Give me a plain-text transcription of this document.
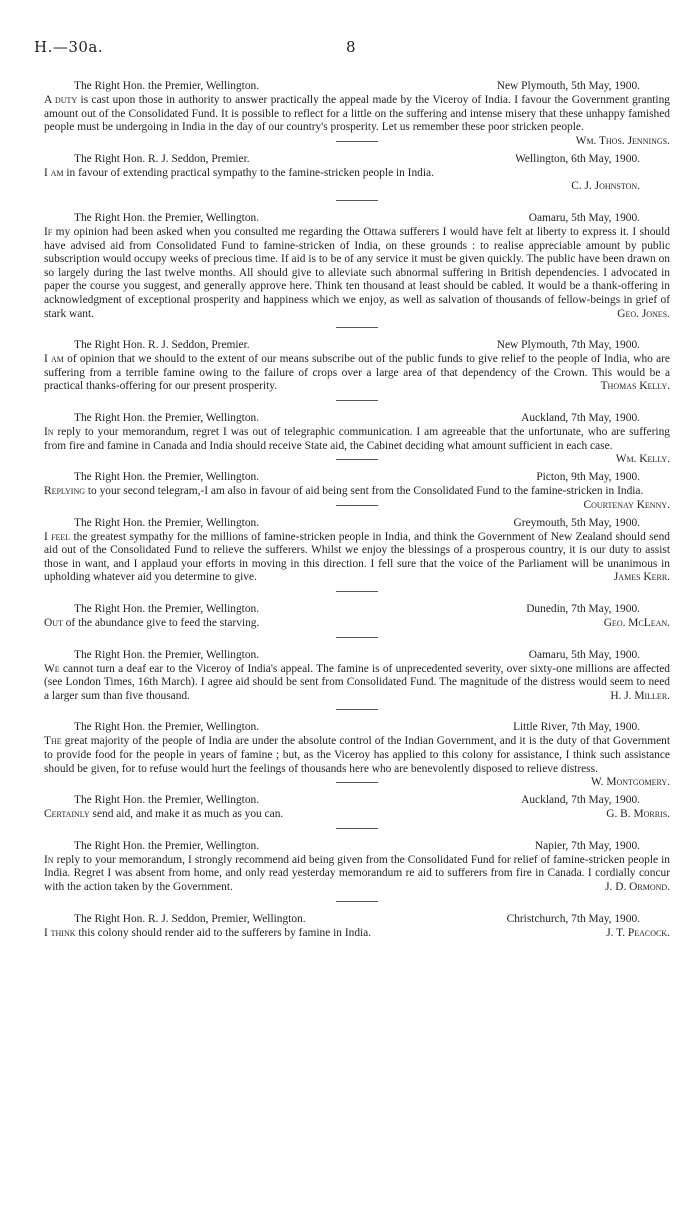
H.—30a.	8
The Right Hon. the Premier, Wellington.	New Plymouth, 5th May, 1900.

A duty is cast upon those in authority to answer practically the appeal made by the Viceroy of India. I favour the Government granting amount out of the Consolidated Fund. It is possible to reflect for a little on the suffering and intense misery that these unhappy famished people must be undergoing in India in the day of our country's prosperity. Let us remember these poor stricken people.
Wm. Thos. Jennings.

The Right Hon. R. J. Seddon, Premier.	Wellington, 6th May, 1900.

I am in favour of extending practical sympathy to the famine-stricken people in India.

C. J. Johnston.
The Right Hon. the Premier, Wellington.	Oamaru, 5th May, 1900.

If my opinion had been asked when you consulted me regarding the Ottawa sufferers I would have felt at liberty to express it. I should have advised aid from Consolidated Fund to famine-stricken of India, on these grounds : to realise appreciable amount by public subscription would occupy weeks of precious time. If aid is to be of any service it must be given quickly. The public have been drawn on so largely during the last twelve months. All should give to alleviate such abnormal suffering in British dependencies. I advocated in paper the course you suggest, and generally approve here. Think ten thousand at least should be cabled. It would be a thank-offering in acknowledgment of exceptional prosperity and happiness which we enjoy, as well as salvation of thousands of fellow-beings in grief of stark want.	Geo. Jones.

The Right Hon. R. J. Seddon, Premier.	New Plymouth, 7th May, 1900.

I am of opinion that we should to the extent of our means subscribe out of the public funds to give relief to the people of India, who are suffering from a terrible famine owing to the failure of crops over a large area of that dependency of the Crown. This would be a practical thanks-offering for our present prosperity.	Thomas Kelly.

The Right Hon. the Premier, Wellington.	Auckland, 7th May, 1900.

In reply to your memorandum, regret I was out of telegraphic communication. I am agreeable that the unfortunate, who are suffering from fire and famine in Canada and India should receive State aid, the Cabinet deciding what amount sufficient in each case.
Wm. Kelly.

The Right Hon. the Premier, Wellington.	Picton, 9th May, 1900.

Replying to your second telegram,-I am also in favour of aid being sent from the Consolidated Fund to the famine-stricken in India.
Courtenay Kenny.

The Right Hon. the Premier, Wellington.	Greymouth, 5th May, 1900.

I feel the greatest sympathy for the millions of famine-stricken people in India, and think the Government of New Zealand should send aid out of the Consolidated Fund to relieve the sufferers. Whilst we enjoy the blessings of a prosperous country, it is our duty to assist those in want, and I applaud your efforts in moving in this direction. I fell sure that the voice of the Parliament will be unanimous in upholding whatever aid you determine to give.	James Kerr.

The Right Hon. the Premier, Wellington.	Dunedin, 7th May, 1900.

Out of the abundance give to feed the starving.	Geo. McLean.

The Right Hon. the Premier, Wellington.	Oamaru, 5th May, 1900.

We cannot turn a deaf ear to the Viceroy of India's appeal. The famine is of unprecedented severity, over sixty-one millions are affected (see London Times, 16th March). I agree aid should be sent from Consolidated Fund. The magnitude of the distress would seem to need a larger sum than five thousand.	H. J. Miller.

The Right Hon. the Premier, Wellington.	Little River, 7th May, 1900.

The great majority of the people of India are under the absolute control of the Indian Government, and it is the duty of that Government to provide food for the people in years of famine ; but, as the Viceroy has applied to this colony for assistance, I think such assistance should be given, for to refuse would hurt the feelings of thousands here who are benevolently disposed to relieve distress.
W. Montgomery.

The Right Hon. the Premier, Wellington.	Auckland, 7th May, 1900.

Certainly send aid, and make it as much as you can.	G. B. Morris.

The Right Hon. the Premier, Wellington.	Napier, 7th May, 1900.

In reply to your memorandum, I strongly recommend aid being given from the Consolidated Fund for relief of famine-stricken people in India. Regret I was absent from home, and only read yesterday memorandum re aid to sufferers from fire in Canada. I cordially concur with the action taken by the Government.	J. D. Ormond.

The Right Hon. R. J. Seddon, Premier, Wellington.	Christchurch, 7th May, 1900.

I think this colony should render aid to the sufferers by famine in India.	J. T. Peacock.
